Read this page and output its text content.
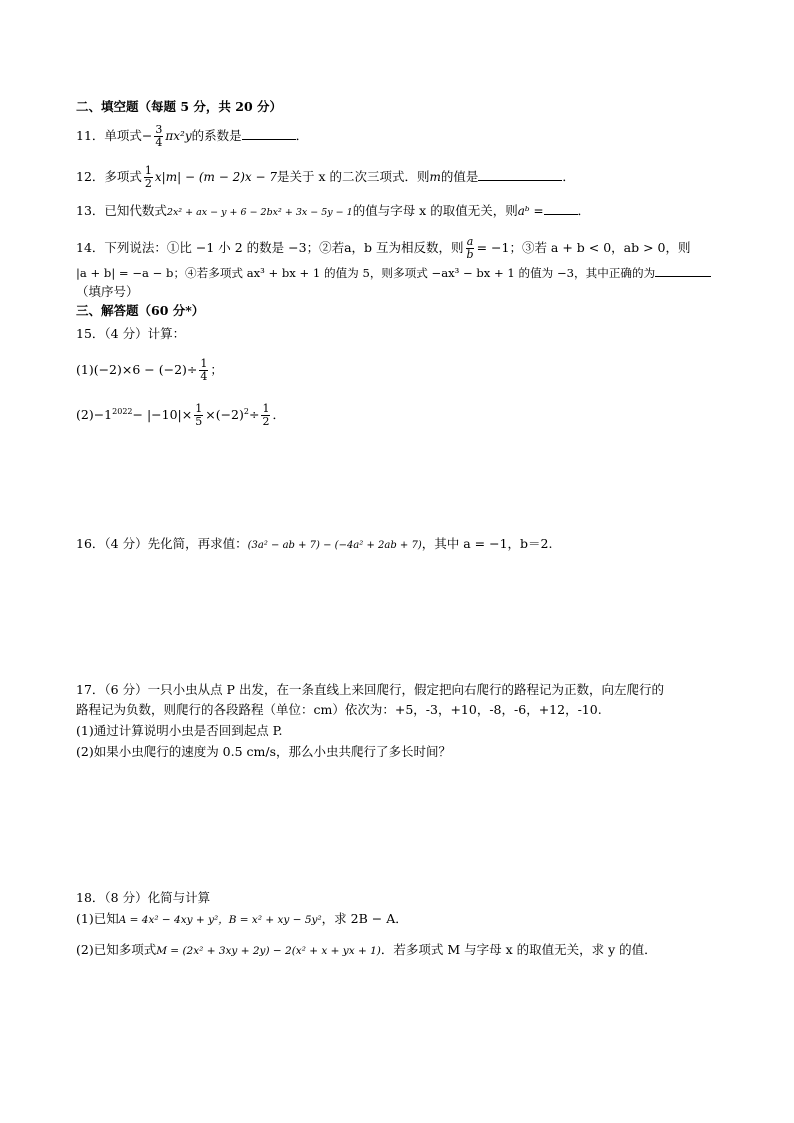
二、填空题（每题 5 分，共 20 分）
11．单项式− $\frac{3}{4} \pi x^2y$的系数是	．
12．多项式 $\frac{1}{2} x|m| - (m - 2)x - 7$是关于 x 的二次三项式．则m的值是	．
13．已知代数式2x² + ax − y + 6 − 2bx² + 3x − 5y − 1的值与字母 x 的取值无关，则aᵇ =	．
14．下列说法：①比 −1 小 2 的数是 −3；②若a，b 互为相反数，则 $\frac{a}{b} = -1$；③若 a + b < 0，ab > 0，则
|a + b| = −a − b；④若多项式 ax³ + bx + 1 的值为 5，则多项式 −ax³ − bx + 1 的值为 −3，其中正确的为
（填序号）
三、解答题（60 分*）
15．（4 分）计算：
$(1)(-2)\times 6 - (-2)\div \frac{1}{4}$ ；
$(2)-1^{2022}- |-10|\times \frac{1}{5} \times(-2)^2\div \frac{1}{2}$ ．
16．（4 分）先化简，再求值：(3a² − ab + 7) − (−4a² + 2ab + 7)，其中 a = −1，b＝2.
17．（6 分）一只小虫从点 P 出发，在一条直线上来回爬行，假定把向右爬行的路程记为正数，向左爬行的
路程记为负数，则爬行的各段路程（单位：cm）依次为：+5，-3，+10，-8，-6，+12，-10.
(1)通过计算说明小虫是否回到起点 P.
(2)如果小虫爬行的速度为 0.5 cm/s，那么小虫共爬行了多长时间？
18．（8 分）化简与计算
(1)已知A = 4x² − 4xy + y²，B = x² + xy − 5y²，求 2B − A．
(2)已知多项式M = (2x² + 3xy + 2y) − 2(x² + x + yx + 1)．若多项式 M 与字母 x 的取值无关，求 y 的值．
